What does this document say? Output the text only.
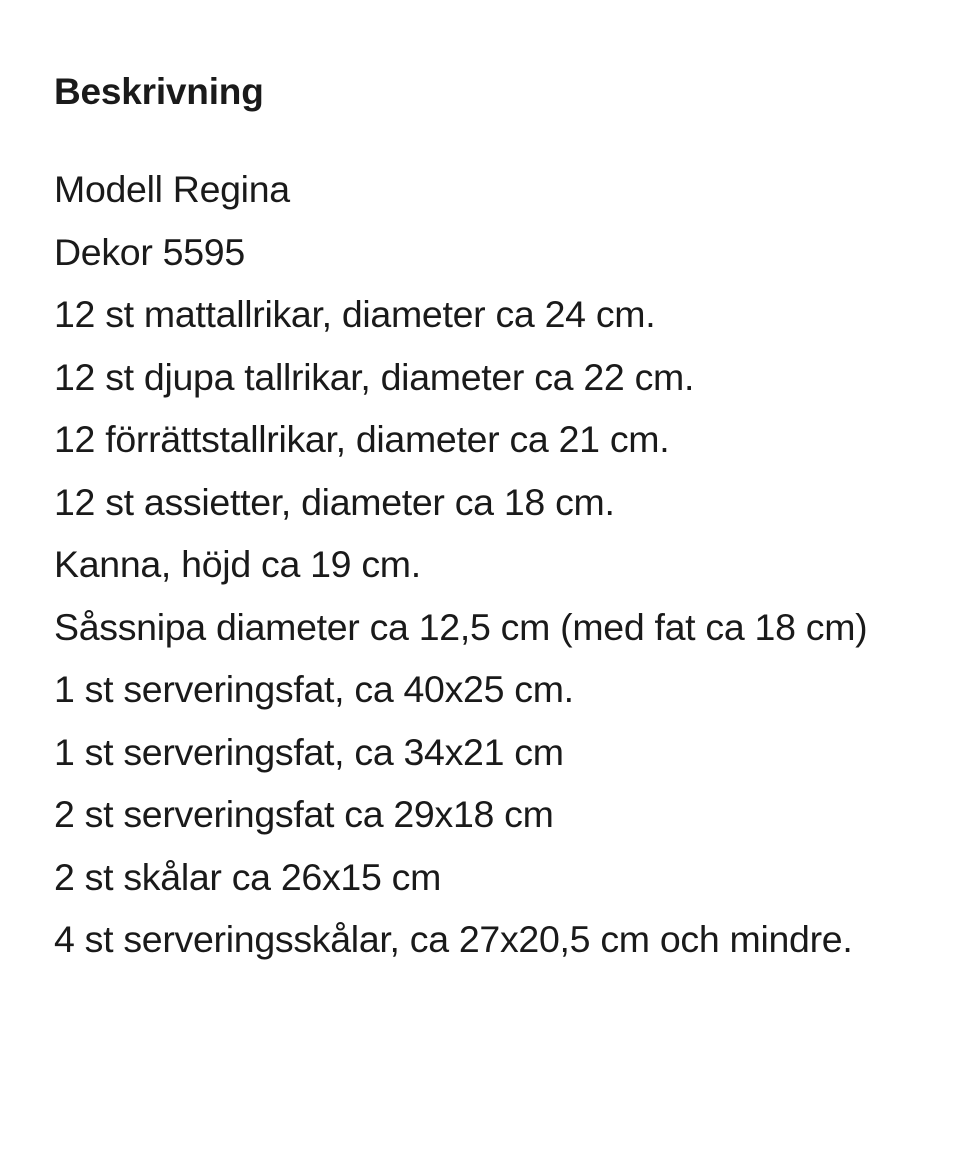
Beskrivning
Modell Regina
Dekor 5595
12 st mattallrikar, diameter ca 24 cm.
12 st djupa tallrikar, diameter ca 22 cm.
12 förrättstallrikar, diameter ca 21 cm.
12 st assietter, diameter ca 18 cm.
Kanna, höjd ca 19 cm.
Såssnipa diameter ca 12,5 cm (med fat ca 18 cm)
1 st serveringsfat, ca 40x25 cm.
1 st serveringsfat, ca 34x21 cm
2 st serveringsfat ca 29x18 cm
2 st skålar ca 26x15 cm
4 st serveringsskålar, ca 27x20,5 cm och mindre.
